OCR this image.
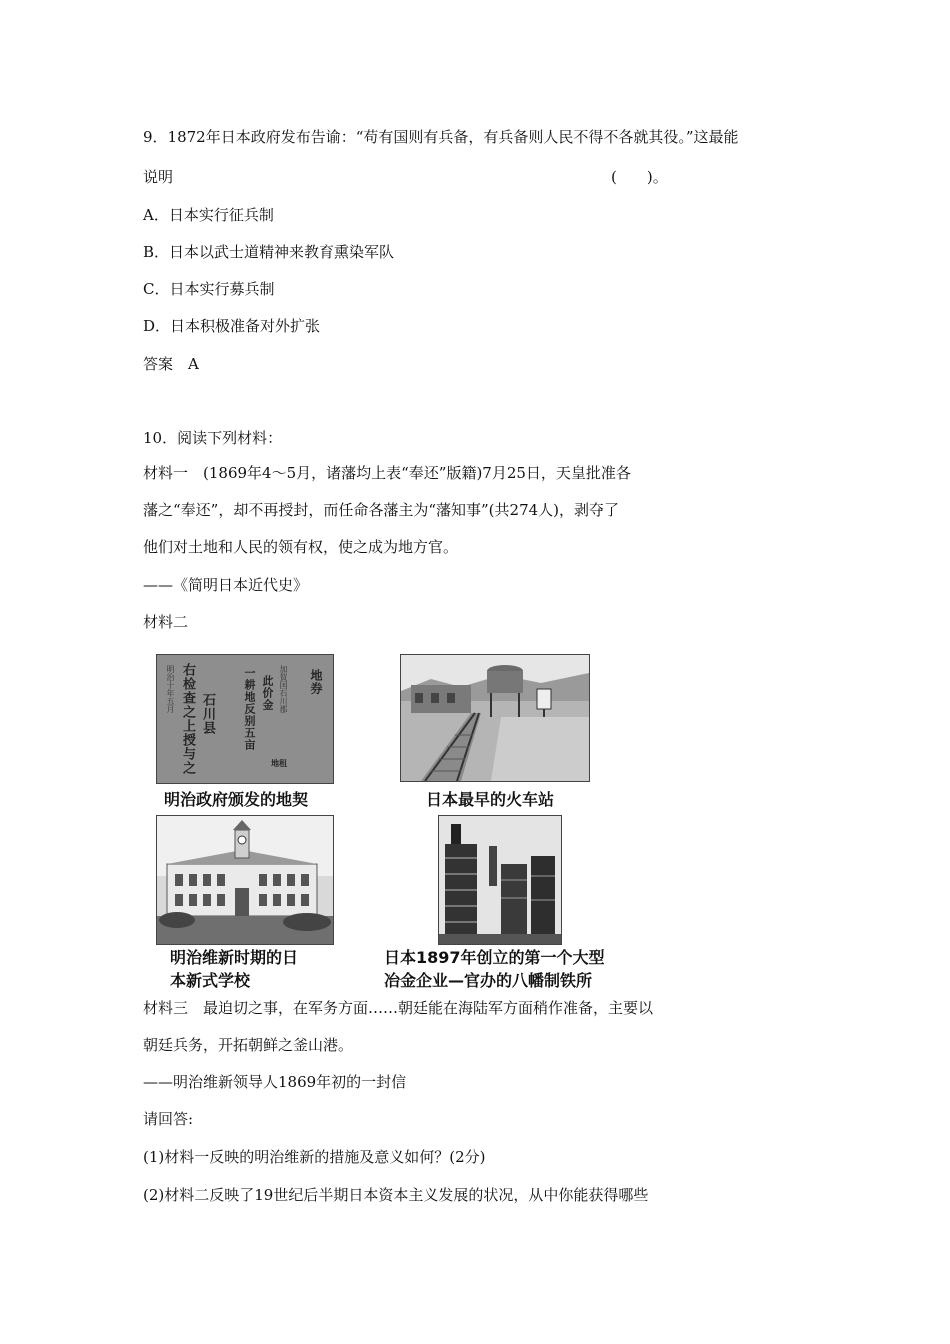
9．1872年日本政府发布告谕：“苟有国则有兵备，有兵备则人民不得不各就其役。”这最能
说明	(　　)。
A．日本实行征兵制
B．日本以武士道精神来教育熏染军队
C．日本实行募兵制
D．日本积极准备对外扩张
答案　A
10．阅读下列材料：
材料一　(1869年4～5月，诸藩均上表“奉还”版籍)7月25日，天皇批准各
藩之“奉还”，却不再授封，而任命各藩主为“藩知事”(共274人)，剥夺了
他们对土地和人民的领有权，使之成为地方官。
——《简明日本近代史》
材料二
明治十年五月 右检查之上授与之 石川县	一耕地反别五亩 此价金 加賀国石川郡 地券
地租
明治政府颁发的地契	日本最早的火车站
明治维新时期的日
本新式学校
日本1897年创立的第一个大型
冶金企业—官办的八幡制铁所
材料三　最迫切之事，在军务方面……朝廷能在海陆军方面稍作准备，主要以
朝廷兵务，开拓朝鲜之釜山港。
——明治维新领导人1869年初的一封信
请回答:
(1)材料一反映的明治维新的措施及意义如何？(2分)
(2)材料二反映了19世纪后半期日本资本主义发展的状况，从中你能获得哪些
